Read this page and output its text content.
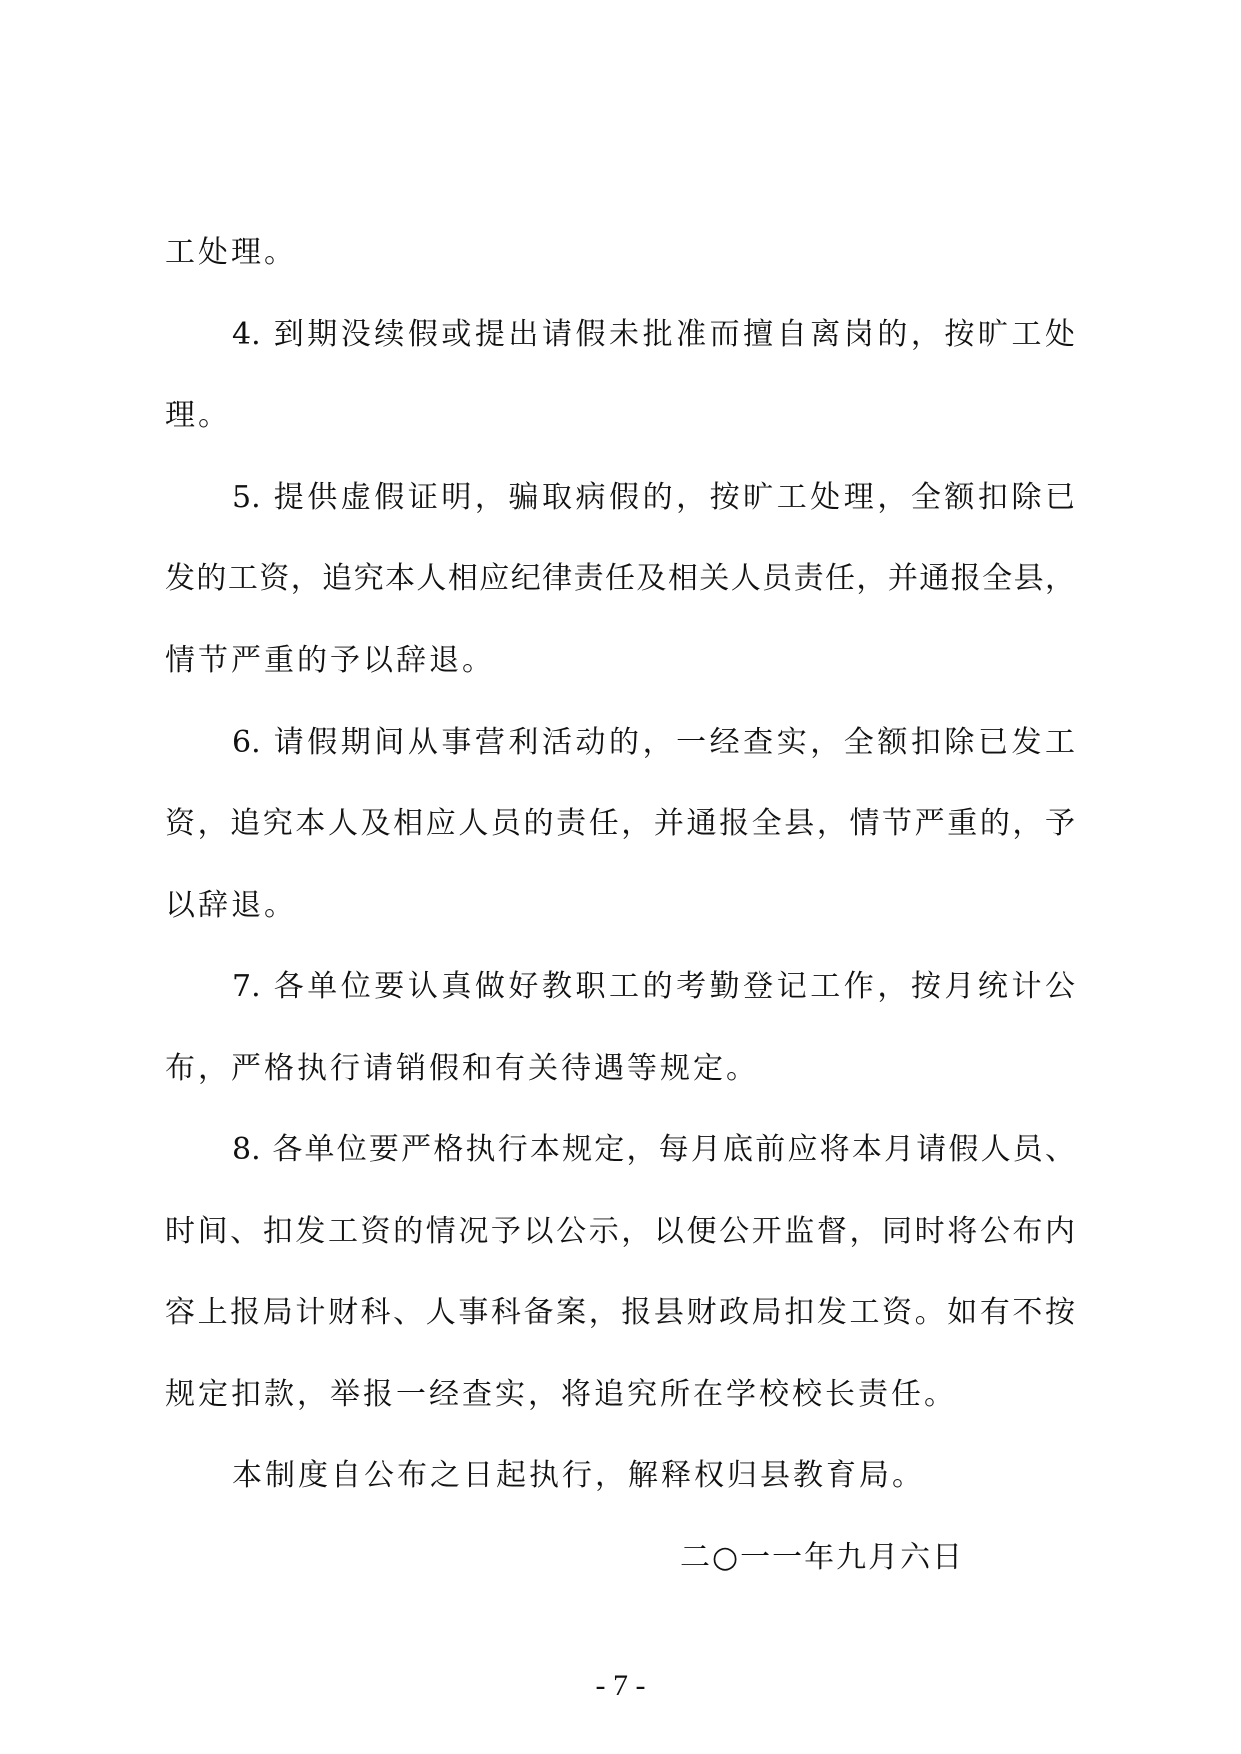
工处理。
4. 到期没续假或提出请假未批准而擅自离岗的，按旷工处
理。
5. 提供虚假证明，骗取病假的，按旷工处理，全额扣除已
发的工资，追究本人相应纪律责任及相关人员责任，并通报全县，
情节严重的予以辞退。
6. 请假期间从事营利活动的，一经查实，全额扣除已发工
资，追究本人及相应人员的责任，并通报全县，情节严重的，予
以辞退。
7. 各单位要认真做好教职工的考勤登记工作，按月统计公
布，严格执行请销假和有关待遇等规定。
8. 各单位要严格执行本规定，每月底前应将本月请假人员、
时间、扣发工资的情况予以公示，以便公开监督，同时将公布内
容上报局计财科、人事科备案，报县财政局扣发工资。如有不按
规定扣款，举报一经查实，将追究所在学校校长责任。
本制度自公布之日起执行，解释权归县教育局。
二○一一年九月六日
- 7 -
